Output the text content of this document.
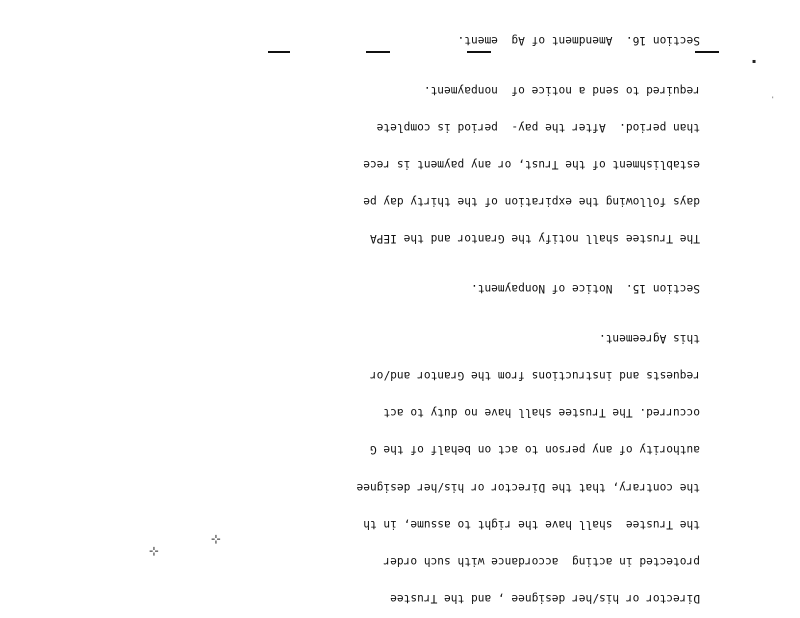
▪
'
⊹
⊹

Director or his/her designee , and the Trustee

protected in acting  accordance with such order

the Trustee  shall have the right to assume, in th

the contrary, that the Director or his/her designee

authority of any person to act on behalf of the G

occurred. The Trustee shall have no duty to act

requests and instructions from the Grantor and/or

this Agreement.

Section 15.  Notice of Nonpayment.

The Trustee shall notify the Grantor and the IEPA

days following the expiration of the thirty day pe

establishment of the Trust, or any payment is rece

than period.  After the pay-  period is complete

required to send a notice of  nonpayment.

Section 16.  Amendment of Ag  ement.
